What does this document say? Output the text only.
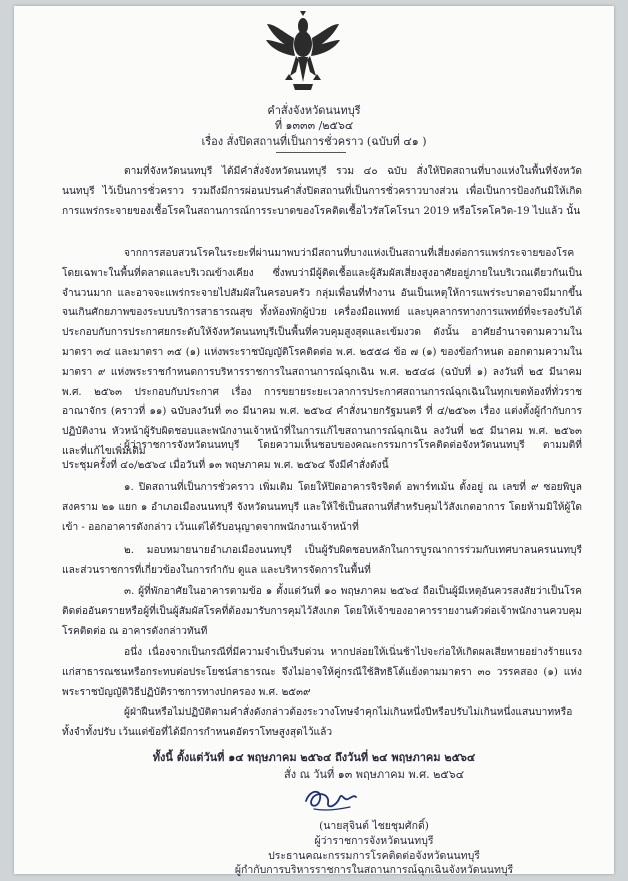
คำสั่งจังหวัดนนทบุรี
ที่ ๑๓๓๓ /๒๕๖๔
เรื่อง สั่งปิดสถานที่เป็นการชั่วคราว (ฉบับที่ ๔๑ )
ตามที่จังหวัดนนทบุรี ได้มีคำสั่งจังหวัดนนทบุรี รวม ๔๐ ฉบับ สั่งให้ปิดสถานที่บางแห่งในพื้นที่จังหวัดนนทบุรี ไว้เป็นการชั่วคราว รวมถึงมีการผ่อนปรนคำสั่งปิดสถานที่เป็นการชั่วคราวบางส่วน เพื่อเป็นการป้องกันมิให้เกิดการแพร่กระจายของเชื้อโรคในสถานการณ์การระบาดของโรคติดเชื้อไวรัสโคโรนา 2019 หรือโรคโควิด-19 ไปแล้ว นั้น
จากการสอบสวนโรคในระยะที่ผ่านมาพบว่ามีสถานที่บางแห่งเป็นสถานที่เสี่ยงต่อการแพร่กระจายของโรค โดยเฉพาะในพื้นที่ตลาดและบริเวณข้างเคียง ซึ่งพบว่ามีผู้ติดเชื้อและผู้สัมผัสเสี่ยงสูงอาศัยอยู่ภายในบริเวณเดียวกันเป็นจำนวนมาก และอาจจะแพร่กระจายไปสัมผัสในครอบครัว กลุ่มเพื่อนที่ทำงาน อันเป็นเหตุให้การแพร่ระบาดอาจมีมากขึ้นจนเกินศักยภาพของระบบบริการสาธารณสุข ทั้งห้องพักผู้ป่วย เครื่องมือแพทย์ และบุคลากรทางการแพทย์ที่จะรองรับได้ ประกอบกับการประกาศยกระดับให้จังหวัดนนทบุรีเป็นพื้นที่ควบคุมสูงสุดและเข้มงวด ดังนั้น อาศัยอำนาจตามความในมาตรา ๓๔ และมาตรา ๓๕ (๑) แห่งพระราชบัญญัติโรคติดต่อ พ.ศ. ๒๕๕๘ ข้อ ๗ (๑) ของข้อกำหนด ออกตามความในมาตรา ๙ แห่งพระราชกำหนดการบริหารราชการในสถานการณ์ฉุกเฉิน พ.ศ. ๒๕๔๘ (ฉบับที่ ๑) ลงวันที่ ๒๕ มีนาคม พ.ศ. ๒๕๖๓ ประกอบกับประกาศ เรื่อง การขยายระยะเวลาการประกาศสถานการณ์ฉุกเฉินในทุกเขตท้องที่ทั่วราชอาณาจักร (คราวที่ ๑๑) ฉบับลงวันที่ ๓๐ มีนาคม พ.ศ. ๒๕๖๔ คำสั่งนายกรัฐมนตรี ที่ ๔/๒๕๖๓ เรื่อง แต่งตั้งผู้กำกับการปฏิบัติงาน หัวหน้าผู้รับผิดชอบและพนักงานเจ้าหน้าที่ในการแก้ไขสถานการณ์ฉุกเฉิน ลงวันที่ ๒๕ มีนาคม พ.ศ. ๒๕๖๓ และที่แก้ไขเพิ่มเติม
ผู้ว่าราชการจังหวัดนนทบุรี โดยความเห็นชอบของคณะกรรมการโรคติดต่อจังหวัดนนทบุรี ตามมติที่ประชุมครั้งที่ ๔๐/๒๕๖๔ เมื่อวันที่ ๑๓ พฤษภาคม พ.ศ. ๒๕๖๔ จึงมีคำสั่งดังนี้
๑. ปิดสถานที่เป็นการชั่วคราว เพิ่มเติม โดยให้ปิดอาคารจิรจิตต์ อพาร์ทเม้น ตั้งอยู่ ณ เลขที่ ๙ ซอยพิบูลสงคราม ๒๑ แยก ๑ อำเภอเมืองนนทบุรี จังหวัดนนทบุรี และให้ใช้เป็นสถานที่สำหรับคุมไว้สังเกตอาการ โดยห้ามมิให้ผู้ใดเข้า - ออกอาคารดังกล่าว เว้นแต่ได้รับอนุญาตจากพนักงานเจ้าหน้าที่
๒. มอบหมายนายอำเภอเมืองนนทบุรี เป็นผู้รับผิดชอบหลักในการบูรณาการร่วมกับเทศบาลนครนนทบุรี และส่วนราชการที่เกี่ยวข้องในการกำกับ ดูแล และบริหารจัดการในพื้นที่
๓. ผู้ที่พักอาศัยในอาคารตามข้อ ๑ ตั้งแต่วันที่ ๑๐ พฤษภาคม ๒๕๖๔ ถือเป็นผู้มีเหตุอันควรสงสัยว่าเป็นโรคติดต่ออันตรายหรือผู้ที่เป็นผู้สัมผัสโรคที่ต้องมารับการคุมไว้สังเกต โดยให้เจ้าของอาคารรายงานตัวต่อเจ้าพนักงานควบคุมโรคติดต่อ ณ อาคารดังกล่าวทันที
อนึ่ง เนื่องจากเป็นกรณีที่มีความจำเป็นรีบด่วน หากปล่อยให้เนิ่นช้าไปจะก่อให้เกิดผลเสียหายอย่างร้ายแรงแก่สาธารณชนหรือกระทบต่อประโยชน์สาธารณะ จึงไม่อาจให้คู่กรณีใช้สิทธิโต้แย้งตามมาตรา ๓๐ วรรคสอง (๑) แห่งพระราชบัญญัติวิธีปฏิบัติราชการทางปกครอง พ.ศ. ๒๕๓๙
ผู้ฝ่าฝืนหรือไม่ปฏิบัติตามคำสั่งดังกล่าวต้องระวางโทษจำคุกไม่เกินหนึ่งปีหรือปรับไม่เกินหนึ่งแสนบาทหรือทั้งจำทั้งปรับ เว้นแต่ข้อที่ได้มีการกำหนดอัตราโทษสูงสุดไว้แล้ว
ทั้งนี้ ตั้งแต่วันที่ ๑๔ พฤษภาคม ๒๕๖๔ ถึงวันที่ ๒๔ พฤษภาคม ๒๕๖๔
สั่ง ณ วันที่ ๑๓ พฤษภาคม พ.ศ. ๒๕๖๔
(นายสุจินต์ ไชยชุมศักดิ์)
ผู้ว่าราชการจังหวัดนนทบุรี
ประธานคณะกรรมการโรคติดต่อจังหวัดนนทบุรี
ผู้กำกับการบริหารราชการในสถานการณ์ฉุกเฉินจังหวัดนนทบุรี
